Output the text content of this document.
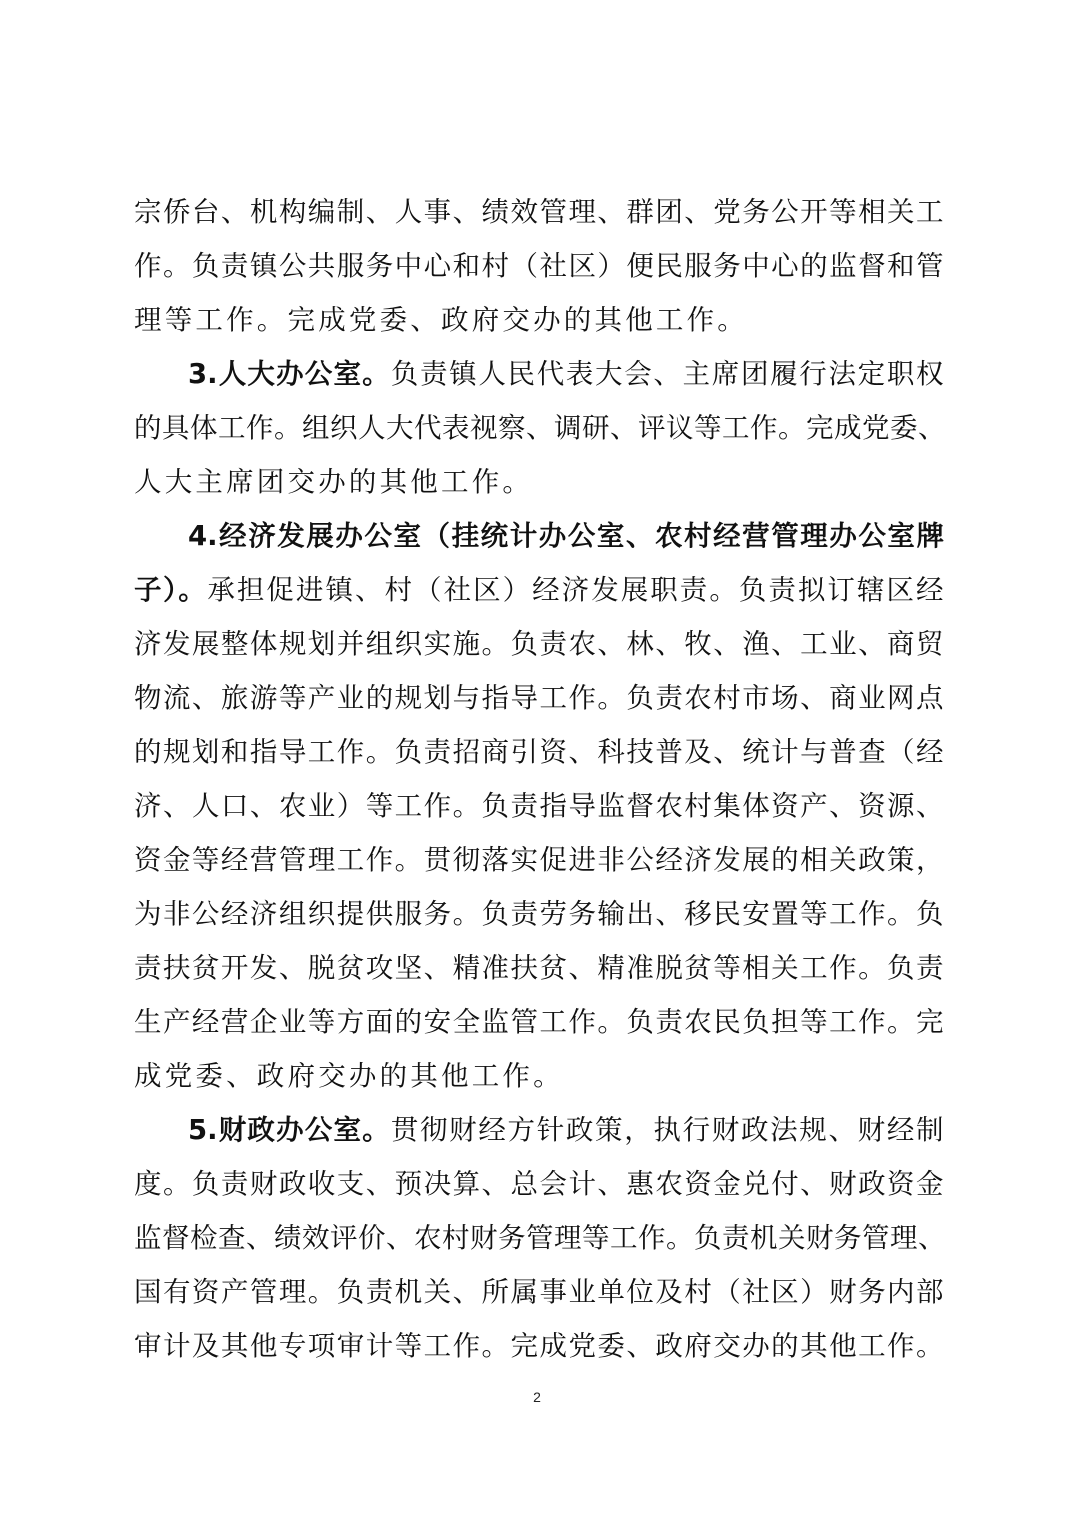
宗侨台、机构编制、人事、绩效管理、群团、党务公开等相关工
作。负责镇公共服务中心和村（社区）便民服务中心的监督和管
理等工作。完成党委、政府交办的其他工作。
3.人大办公室。负责镇人民代表大会、主席团履行法定职权
的具体工作。组织人大代表视察、调研、评议等工作。完成党委、
人大主席团交办的其他工作。
4.经济发展办公室（挂统计办公室、农村经营管理办公室牌
子）。承担促进镇、村（社区）经济发展职责。负责拟订辖区经
济发展整体规划并组织实施。负责农、林、牧、渔、工业、商贸
物流、旅游等产业的规划与指导工作。负责农村市场、商业网点
的规划和指导工作。负责招商引资、科技普及、统计与普查（经
济、人口、农业）等工作。负责指导监督农村集体资产、资源、
资金等经营管理工作。贯彻落实促进非公经济发展的相关政策，
为非公经济组织提供服务。负责劳务输出、移民安置等工作。负
责扶贫开发、脱贫攻坚、精准扶贫、精准脱贫等相关工作。负责
生产经营企业等方面的安全监管工作。负责农民负担等工作。完
成党委、政府交办的其他工作。
5.财政办公室。贯彻财经方针政策，执行财政法规、财经制
度。负责财政收支、预决算、总会计、惠农资金兑付、财政资金
监督检查、绩效评价、农村财务管理等工作。负责机关财务管理、
国有资产管理。负责机关、所属事业单位及村（社区）财务内部
审计及其他专项审计等工作。完成党委、政府交办的其他工作。
2
